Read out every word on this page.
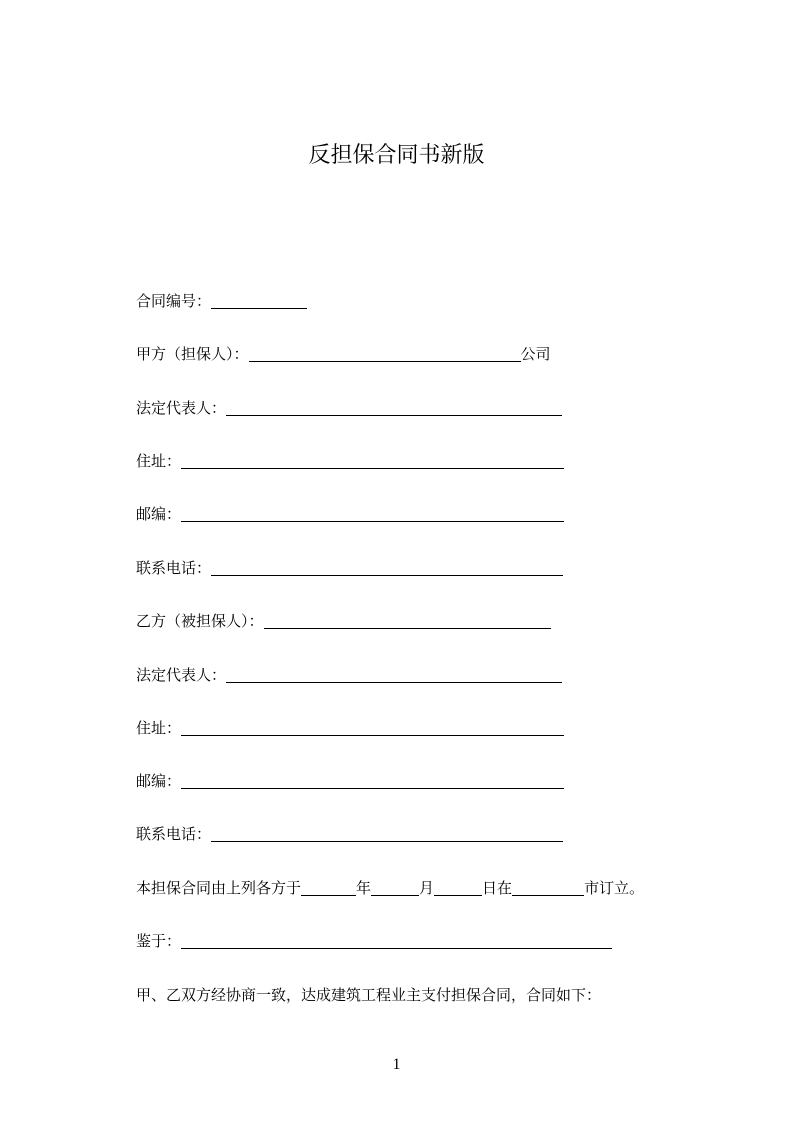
反担保合同书新版
合同编号：
甲方（担保人）：	公司
法定代表人：
住址：
邮编：
联系电话：
乙方（被担保人）：
法定代表人：
住址：
邮编：
联系电话：
本担保合同由上列各方于	年	月	日在	市订立。
鉴于：
甲、乙双方经协商一致，达成建筑工程业主支付担保合同，合同如下：

1
